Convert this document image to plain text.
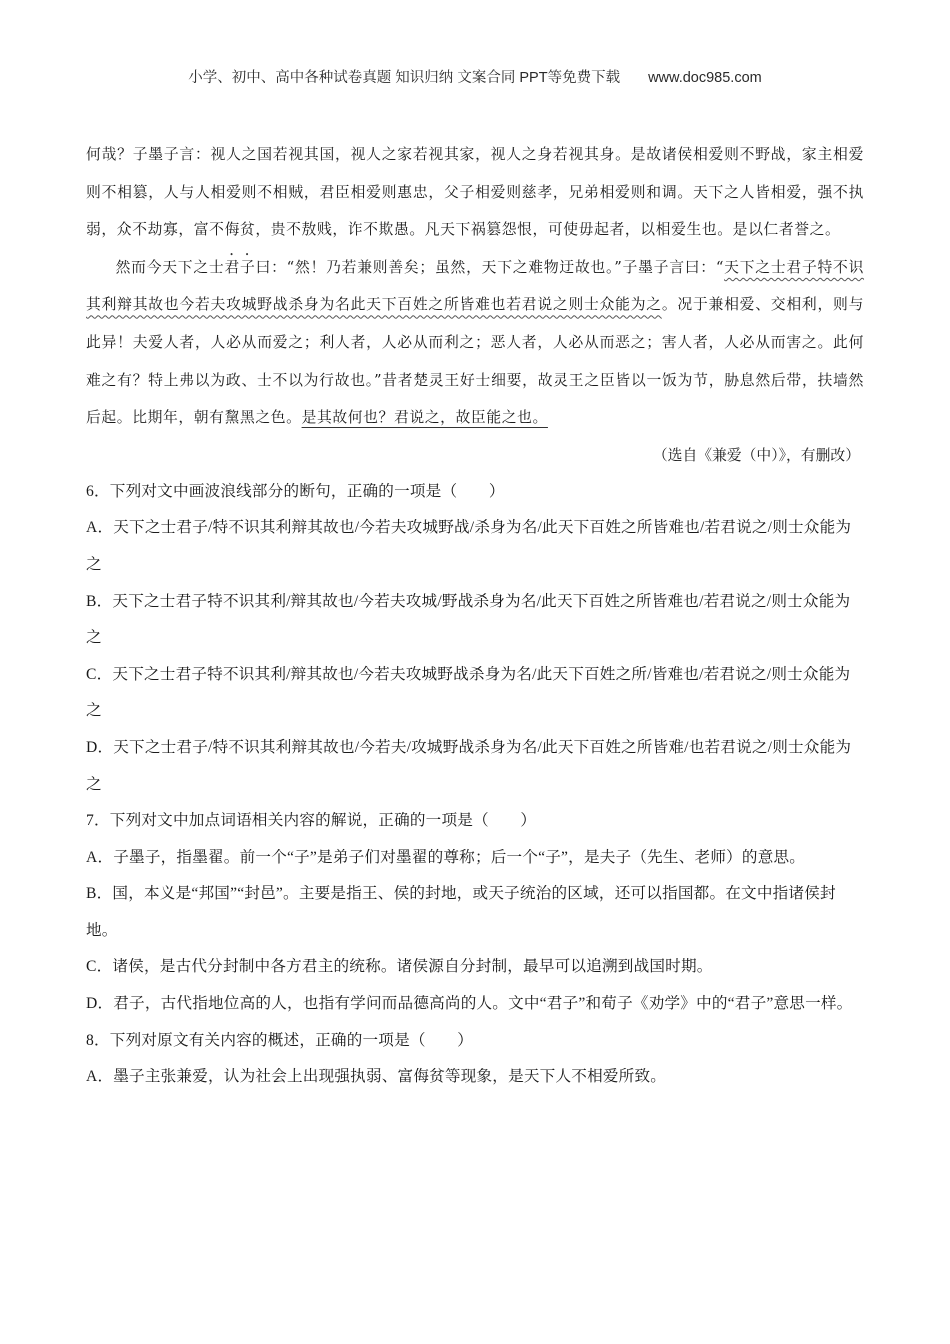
小学、初中、高中各种试卷真题 知识归纳 文案合同 PPT等免费下载 www.doc985.com

何哉？子墨子言：视人之国若视其国，视人之家若视其家，视人之身若视其身。是故诸侯相爱则不野战，家主相爱则不相篡，人与人相爱则不相贼，君臣相爱则惠忠，父子相爱则慈孝，兄弟相爱则和调。天下之人皆相爱，强不执弱，众不劫寡，富不侮贫，贵不敖贱，诈不欺愚。凡天下祸篡怨恨，可使毋起者，以相爱生也。是以仁者誉之。

然而今天下之士君子曰：“然！乃若兼则善矣；虽然，天下之难物迂故也。”子墨子言曰：“天下之士君子特不识其利辩其故也今若夫攻城野战杀身为名此天下百姓之所皆难也若君说之则士众能为之。况于兼相爱、交相利，则与此异！夫爱人者，人必从而爱之；利人者，人必从而利之；恶人者，人必从而恶之；害人者，人必从而害之。此何难之有？特上弗以为政、士不以为行故也。”昔者楚灵王好士细要，故灵王之臣皆以一饭为节，胁息然后带，扶墙然后起。比期年，朝有黧黑之色。是其故何也？君说之，故臣能之也。

（选自《兼爱（中）》，有删改）

6．下列对文中画波浪线部分的断句，正确的一项是（　　）

A．天下之士君子/特不识其利辩其故也/今若夫攻城野战/杀身为名/此天下百姓之所皆难也/若君说之/则士众能为之

B．天下之士君子特不识其利/辩其故也/今若夫攻城/野战杀身为名/此天下百姓之所皆难也/若君说之/则士众能为之

C．天下之士君子特不识其利/辩其故也/今若夫攻城野战杀身为名/此天下百姓之所/皆难也/若君说之/则士众能为之

D．天下之士君子/特不识其利辩其故也/今若夫/攻城野战杀身为名/此天下百姓之所皆难/也若君说之/则士众能为之

7．下列对文中加点词语相关内容的解说，正确的一项是（　　）

A．子墨子，指墨翟。前一个“子”是弟子们对墨翟的尊称；后一个“子”，是夫子（先生、老师）的意思。

B．国，本义是“邦国”“封邑”。主要是指王、侯的封地，或天子统治的区域，还可以指国都。在文中指诸侯封地。

C．诸侯，是古代分封制中各方君主的统称。诸侯源自分封制，最早可以追溯到战国时期。

D．君子，古代指地位高的人，也指有学问而品德高尚的人。文中“君子”和荀子《劝学》中的“君子”意思一样。

8．下列对原文有关内容的概述，正确的一项是（　　）

A．墨子主张兼爱，认为社会上出现强执弱、富侮贫等现象，是天下人不相爱所致。
